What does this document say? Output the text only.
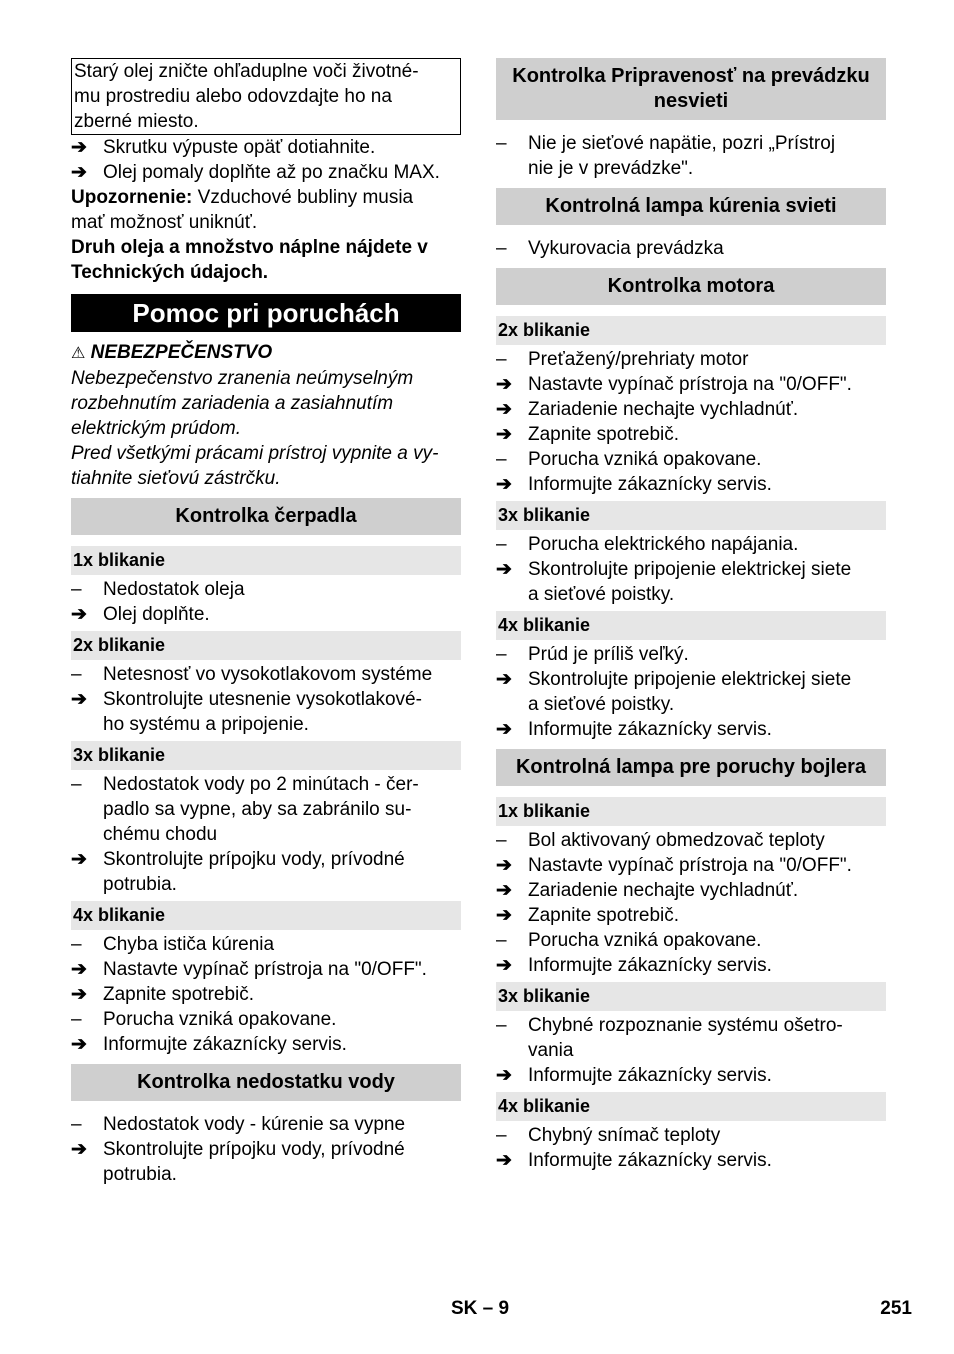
Starý olej zničte ohľaduplne voči životné-
mu prostrediu alebo odovzdajte ho na
zberné miesto.
➔ Skrutku výpuste opäť dotiahnite.
➔ Olej pomaly doplňte až po značku MAX.
Upozornenie: Vzduchové bubliny musia
mať možnosť uniknúť.
Druh oleja a množstvo náplne nájdete v
Technických údajoch.
Pomoc pri poruchách
⚠ NEBEZPEČENSTVO
Nebezpečenstvo zranenia neúmyselným
rozbehnutím zariadenia a zasiahnutím
elektrickým prúdom.
Pred všetkými prácami prístroj vypnite a vy-
tiahnite sieťovú zástrčku.
Kontrolka čerpadla
1x blikanie
–	Nedostatok oleja
➔ Olej doplňte.
2x blikanie
–	Netesnosť vo vysokotlakovom systéme
➔ Skontrolujte utesnenie vysokotlakové-
ho systému a pripojenie.
3x blikanie
–	Nedostatok vody po 2 minútach - čer-
padlo sa vypne, aby sa zabránilo su-
chému chodu
➔ Skontrolujte prípojku vody, prívodné
potrubia.
4x blikanie
–	Chyba ističa kúrenia
➔ Nastavte vypínač prístroja na "0/OFF".
➔ Zapnite spotrebič.
–	Porucha vzniká opakovane.
➔ Informujte zákaznícky servis.
Kontrolka nedostatku vody
–	Nedostatok vody - kúrenie sa vypne
➔ Skontrolujte prípojku vody, prívodné
potrubia.
Kontrolka Pripravenosť na prevádzku nesvieti
–	Nie je sieťové napätie, pozri „Prístroj
nie je v prevádzke".
Kontrolná lampa kúrenia svieti
–	Vykurovacia prevádzka
Kontrolka motora
2x blikanie
–	Preťažený/prehriaty motor
➔ Nastavte vypínač prístroja na "0/OFF".
➔ Zariadenie nechajte vychladnúť.
➔ Zapnite spotrebič.
–	Porucha vzniká opakovane.
➔ Informujte zákaznícky servis.
3x blikanie
–	Porucha elektrického napájania.
➔ Skontrolujte pripojenie elektrickej siete
a sieťové poistky.
4x blikanie
–	Prúd je príliš veľký.
➔ Skontrolujte pripojenie elektrickej siete
a sieťové poistky.
➔ Informujte zákaznícky servis.
Kontrolná lampa pre poruchy bojlera
1x blikanie
–	Bol aktivovaný obmedzovač teploty
➔ Nastavte vypínač prístroja na "0/OFF".
➔ Zariadenie nechajte vychladnúť.
➔ Zapnite spotrebič.
–	Porucha vzniká opakovane.
➔ Informujte zákaznícky servis.
3x blikanie
–	Chybné rozpoznanie systému ošetro-
vania
➔ Informujte zákaznícky servis.
4x blikanie
–	Chybný snímač teploty
➔ Informujte zákaznícky servis.
SK – 9	251
